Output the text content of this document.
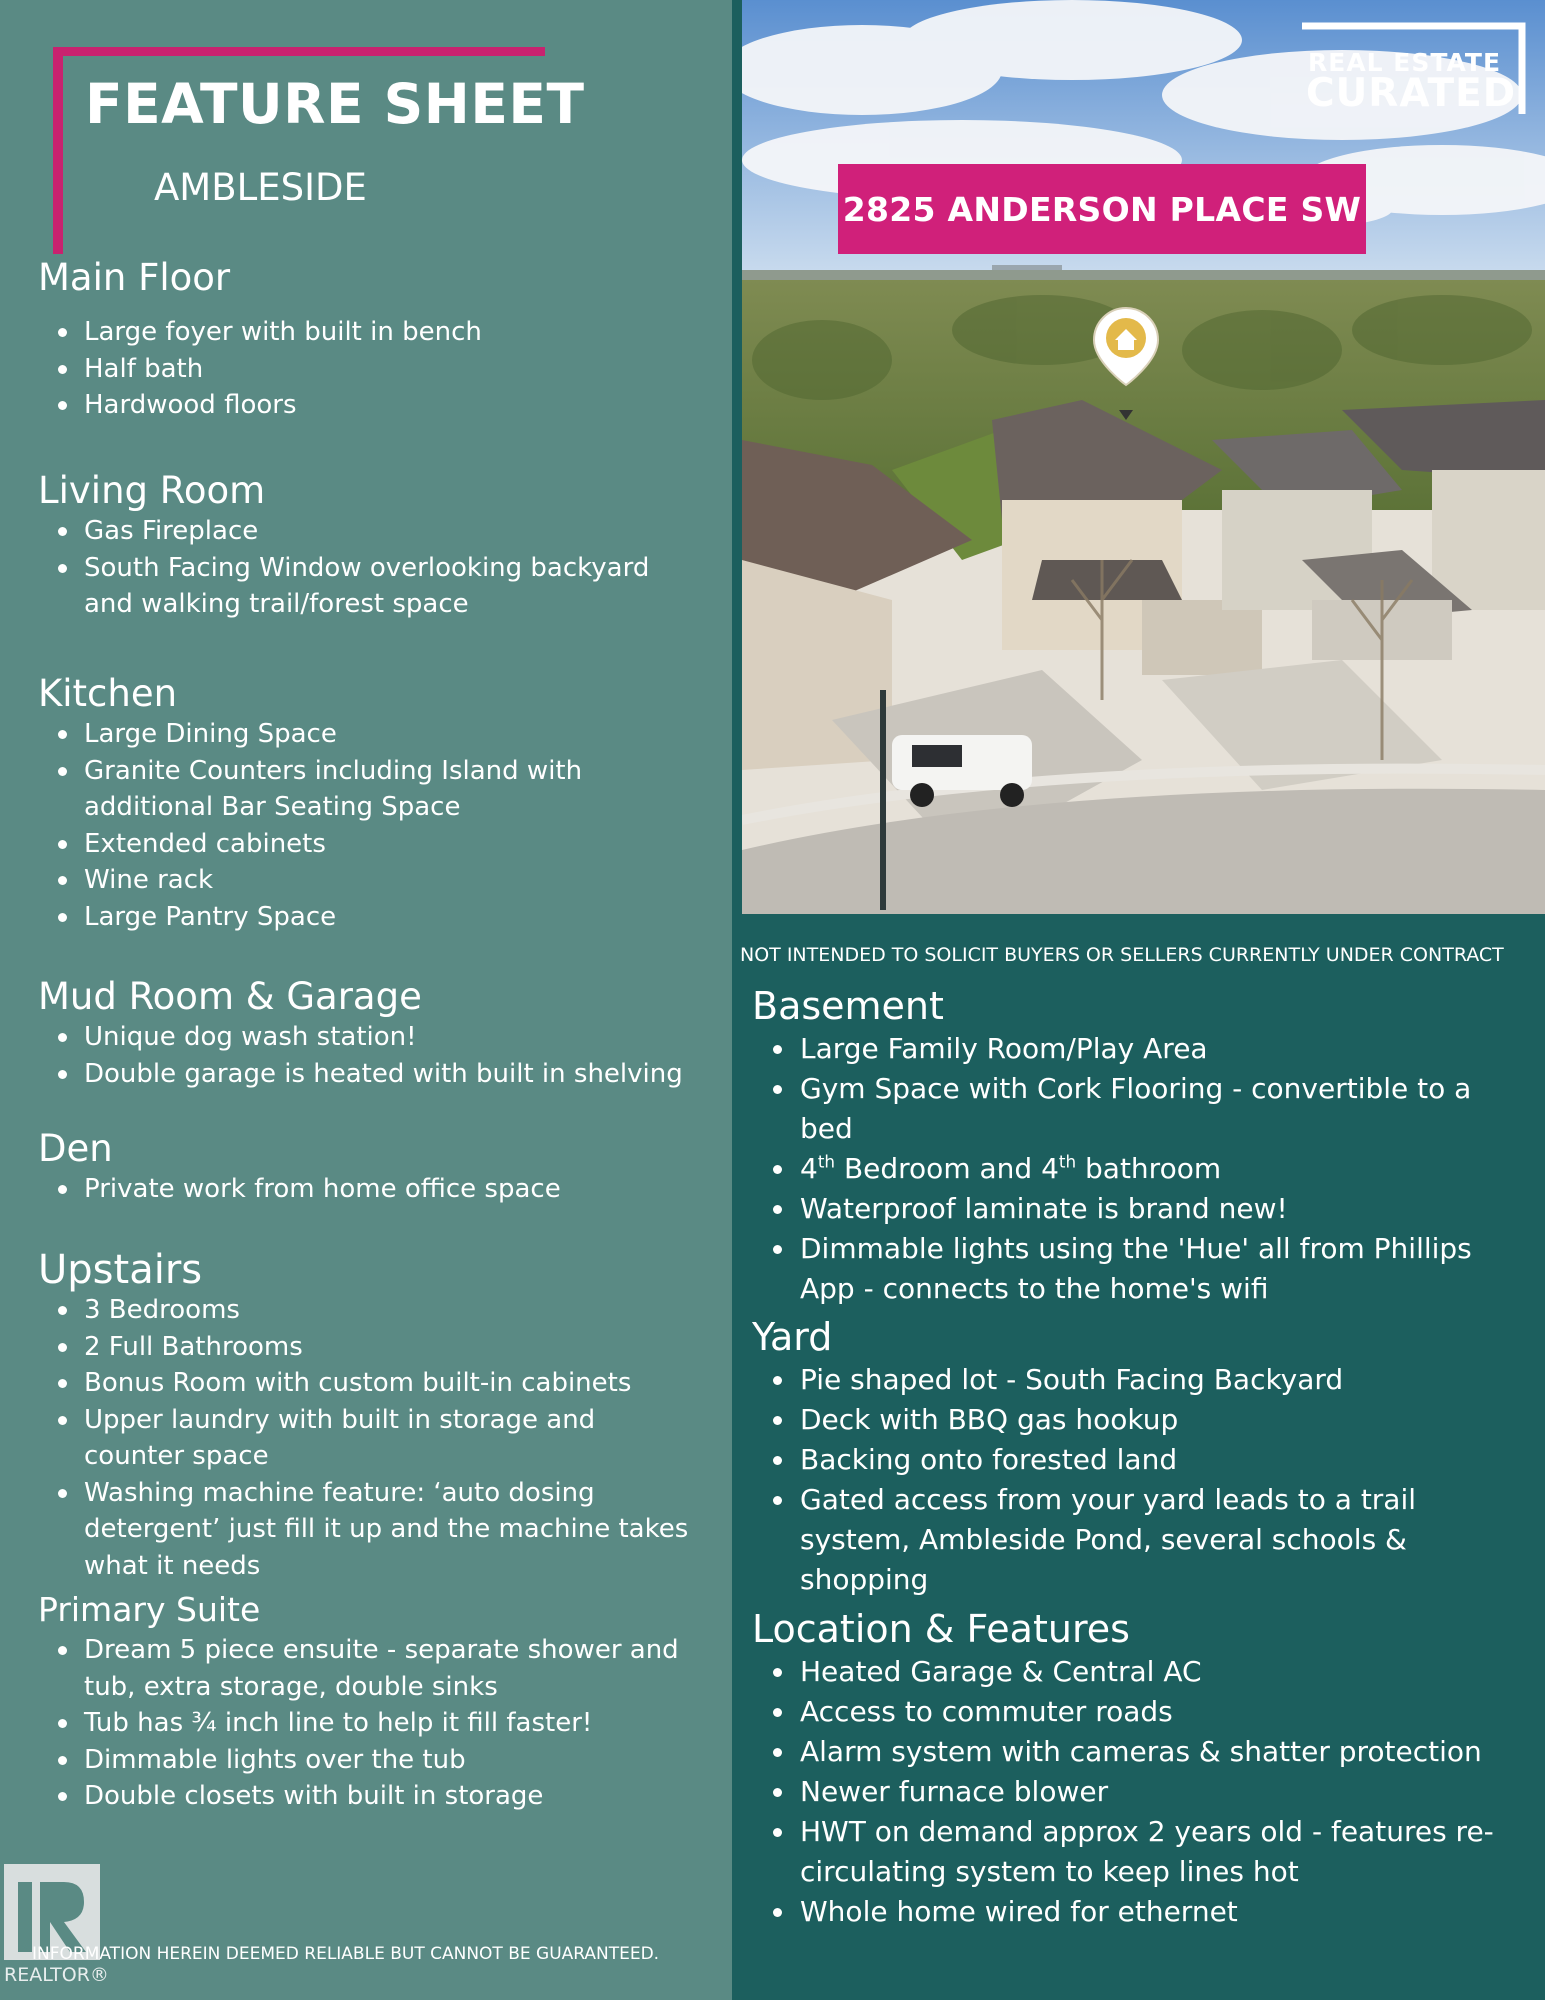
FEATURE SHEET
AMBLESIDE
Main Floor
Large foyer with built in bench
Half bath
Hardwood floors
Living Room
Gas Fireplace
South Facing Window overlooking backyard and walking trail/forest space
Kitchen
Large Dining Space
Granite Counters including Island with additional Bar Seating Space
Extended cabinets
Wine rack
Large Pantry Space
Mud Room & Garage
Unique dog wash station!
Double garage is heated with built in shelving
Den
Private work from home office space
Upstairs
3 Bedrooms
2 Full Bathrooms
Bonus Room with custom built-in cabinets
Upper laundry with built in storage and counter space
Washing machine feature: ‘auto dosing detergent’ just fill it up and the machine takes what it needs
Primary Suite
Dream 5 piece ensuite - separate shower and tub, extra storage, double sinks
Tub has ¾ inch line to help it fill faster!
Dimmable lights over the tub
Double closets with built in storage
REAL ESTATE
CURATED
2825 ANDERSON PLACE SW
NOT INTENDED TO SOLICIT BUYERS OR SELLERS CURRENTLY UNDER CONTRACT
Basement
Large Family Room/Play Area
Gym Space with Cork Flooring - convertible to a bed
4th Bedroom and 4th bathroom
Waterproof laminate is brand new!
Dimmable lights using the 'Hue' all from Phillips App - connects to the home's wifi
Yard
Pie shaped lot - South Facing Backyard
Deck with BBQ gas hookup
Backing onto forested land
Gated access from your yard leads to a trail system, Ambleside Pond, several schools & shopping
Location & Features
Heated Garage & Central AC
Access to commuter roads
Alarm system with cameras & shatter protection
Newer furnace blower
HWT on demand approx 2 years old - features re-circulating system to keep lines hot
Whole home wired for ethernet
REALTOR®
INFORMATION HEREIN DEEMED RELIABLE BUT CANNOT BE GUARANTEED.
